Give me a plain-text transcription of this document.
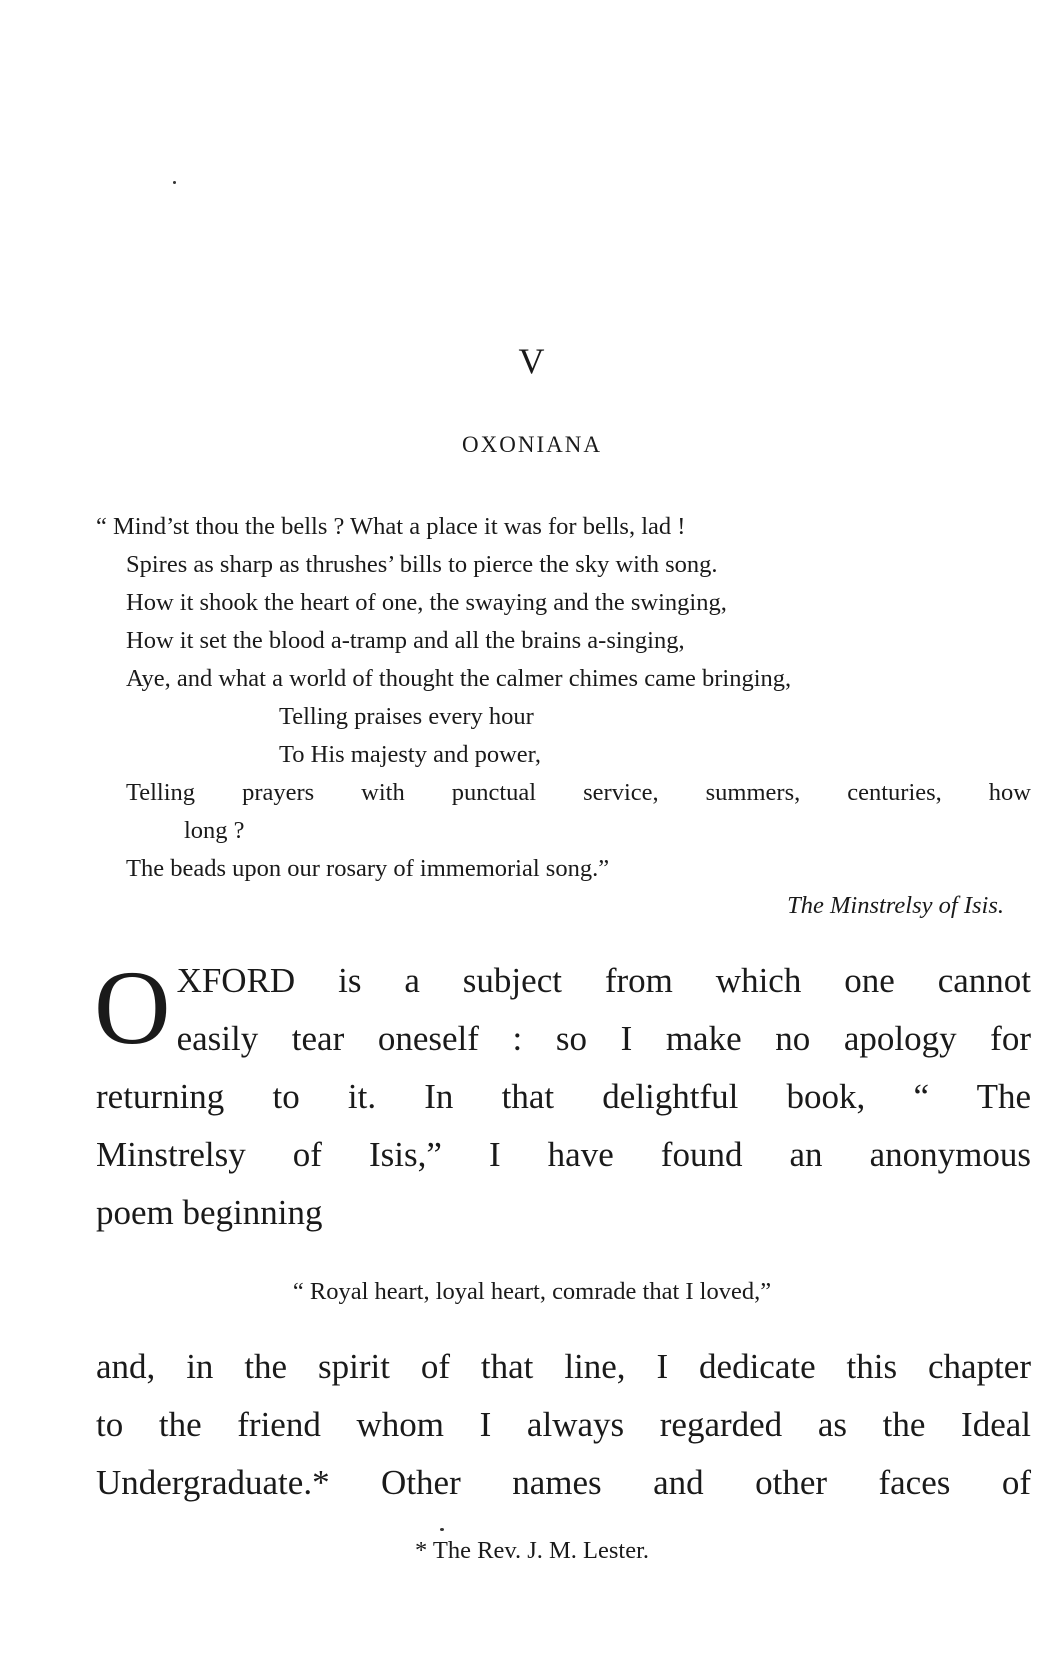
V
OXONIANA
“ Mind’st thou the bells ? What a place it was for bells, lad !
Spires as sharp as thrushes’ bills to pierce the sky with song.
How it shook the heart of one, the swaying and the swinging,
How it set the blood a-tramp and all the brains a-singing,
Aye, and what a world of thought the calmer chimes came bringing,
Telling praises every hour
To His majesty and power,
Telling prayers with punctual service, summers, centuries, how
long ?
The beads upon our rosary of immemorial song.”
The Minstrelsy of Isis.
O XFORD is a subject from which one cannot
easily tear oneself : so I make no apology for
returning to it. In that delightful book, “ The
Minstrelsy of Isis,” I have found an anonymous
poem beginning
“ Royal heart, loyal heart, comrade that I loved,”
and, in the spirit of that line, I dedicate this chapter
to the friend whom I always regarded as the Ideal
Undergraduate.* Other names and other faces of
* The Rev. J. M. Lester.
